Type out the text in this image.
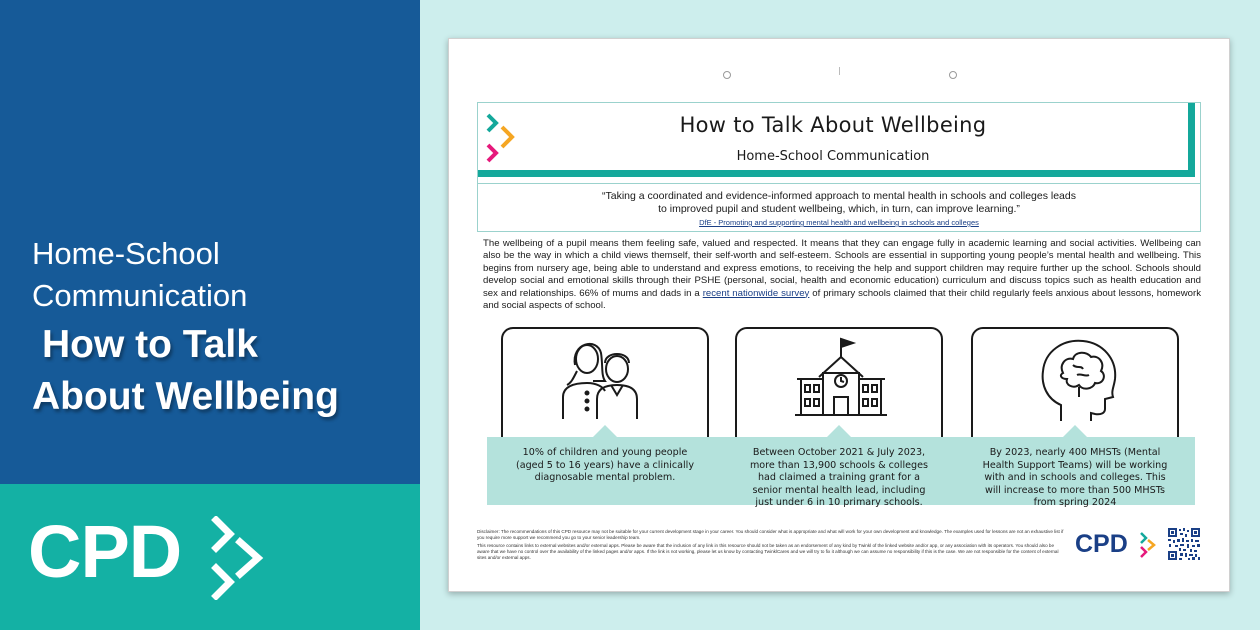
Home-School
Communication
How to Talk
About Wellbeing
CPD
How to Talk About Wellbeing
Home-School Communication
“Taking a coordinated and evidence-informed approach to mental health in schools and colleges leads
to improved pupil and student wellbeing, which, in turn, can improve learning.”
DfE - Promoting and supporting mental health and wellbeing in schools and colleges
The wellbeing of a pupil means them feeling safe, valued and respected. It means that they can engage fully in academic learning and social activities. Wellbeing can also be the way in which a child views themself, their self-worth and self-esteem. Schools are essential in supporting young people’s mental health and wellbeing. This begins from nursery age, being able to understand and express emotions, to receiving the help and support children may require further up the school. Schools should develop social and emotional skills through their PSHE (personal, social, health and economic education) curriculum and discuss topics such as health education and sex and relationships. 66% of mums and dads in a recent nationwide survey of primary schools claimed that their child regularly feels anxious about lessons, homework and social aspects of school.
10% of children and young people (aged 5 to 16 years) have a clinically diagnosable mental problem.
Between October 2021 & July 2023, more than 13,900 schools & colleges had claimed a training grant for a senior mental health lead, including just under 6 in 10 primary schools.
By 2023, nearly 400 MHSTs (Mental Health Support Teams) will be working with and in schools and colleges. This will increase to more than 500 MHSTs from spring 2024

Disclaimer: The recommendations of this CPD resource may not be suitable for your current development stage in your career. You should consider what is appropriate and what will work for your own development and knowledge. The examples used for lessons are not an exhaustive list if you require more support we recommend you go to your senior leadership team.

This resource contains links to external websites and/or external apps. Please be aware that the inclusion of any link in this resource should not be taken as an endorsement of any kind by Twinkl of the linked website and/or app, or any association with its operators. You should also be aware that we have no control over the availability of the linked pages and/or apps. If the link is not working, please let us know by contacting TwinklCares and we will try to fix it although we can assume no responsibility if this is the case. We are not responsible for the content of external sites and/or external apps.	CPD
